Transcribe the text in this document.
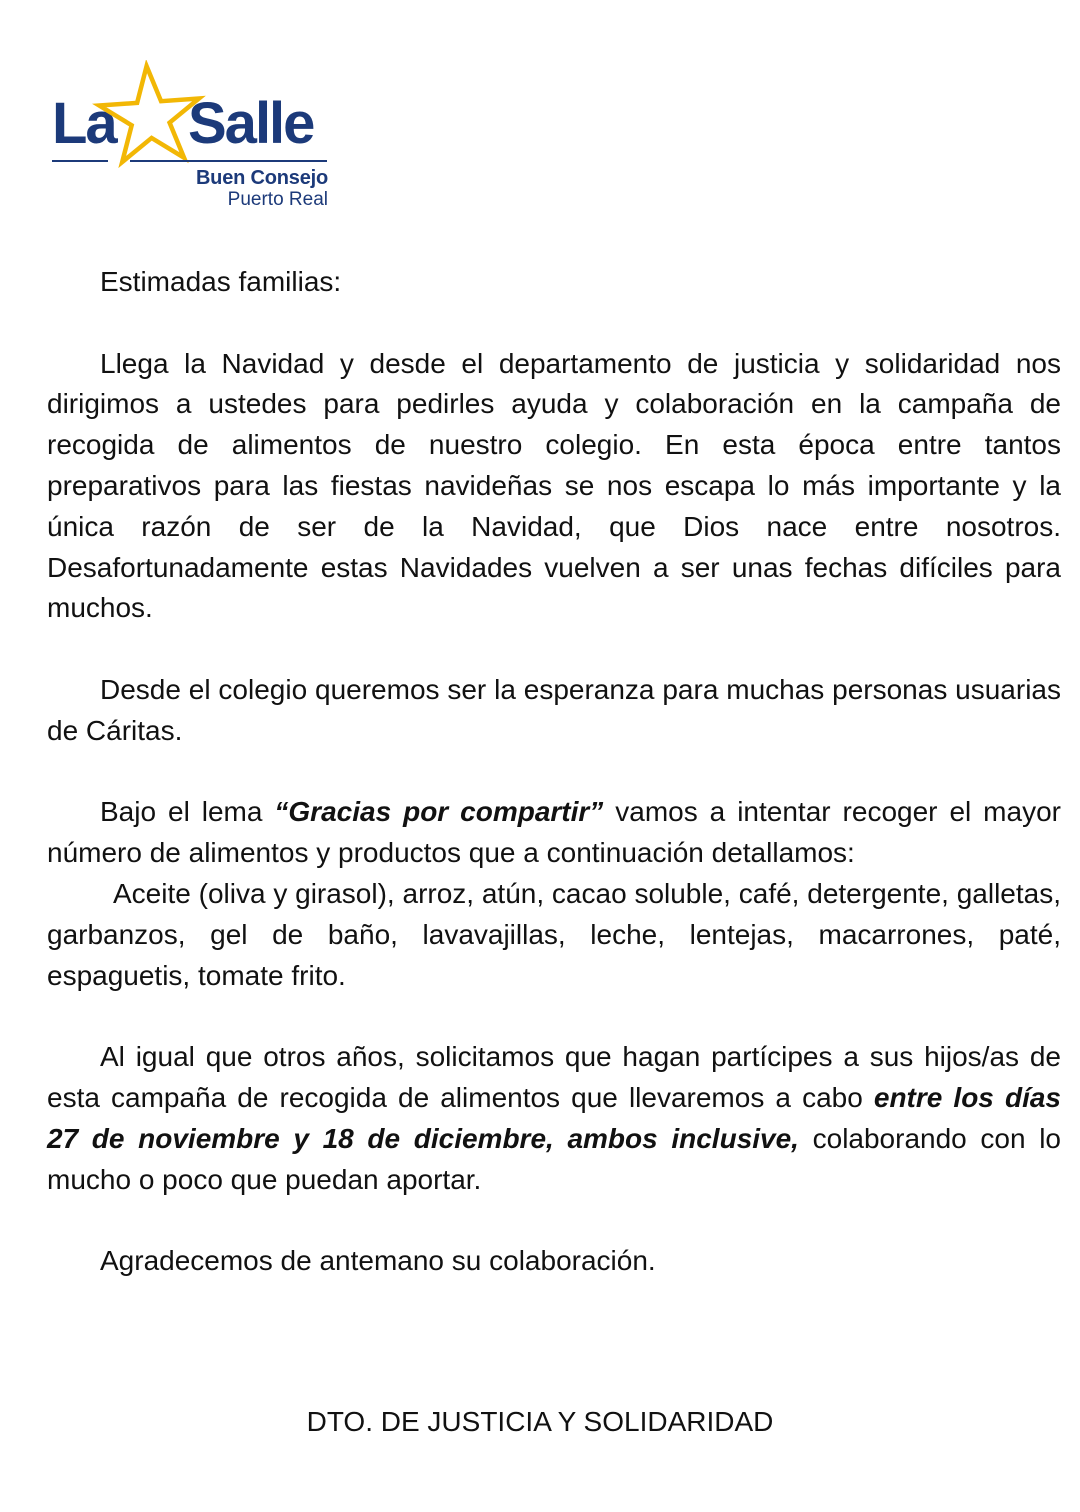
La Salle
Buen Consejo
Puerto Real

Estimadas familias:

Llega la Navidad y desde el departamento de justicia y solidaridad nos dirigimos a ustedes para pedirles ayuda y colaboración en la campaña de recogida de alimentos de nuestro colegio. En esta época entre tantos preparativos para las fiestas navideñas se nos escapa lo más importante y la única razón de ser de la Navidad, que Dios nace entre nosotros. Desafortunadamente estas Navidades vuelven a ser unas fechas difíciles para muchos.

Desde el colegio queremos ser la esperanza para muchas personas usuarias de Cáritas.

Bajo el lema “Gracias por compartir” vamos a intentar recoger el mayor número de alimentos y productos que a continuación detallamos:

Aceite (oliva y girasol), arroz, atún, cacao soluble, café, detergente, galletas, garbanzos, gel de baño, lavavajillas, leche, lentejas, macarrones, paté, espaguetis, tomate frito.

Al igual que otros años, solicitamos que hagan partícipes a sus hijos/as de esta campaña de recogida de alimentos que llevaremos a cabo entre los días  27 de noviembre y 18 de diciembre, ambos inclusive, colaborando con lo mucho o poco que puedan aportar.

Agradecemos de antemano su colaboración.

DTO. DE JUSTICIA Y SOLIDARIDAD
